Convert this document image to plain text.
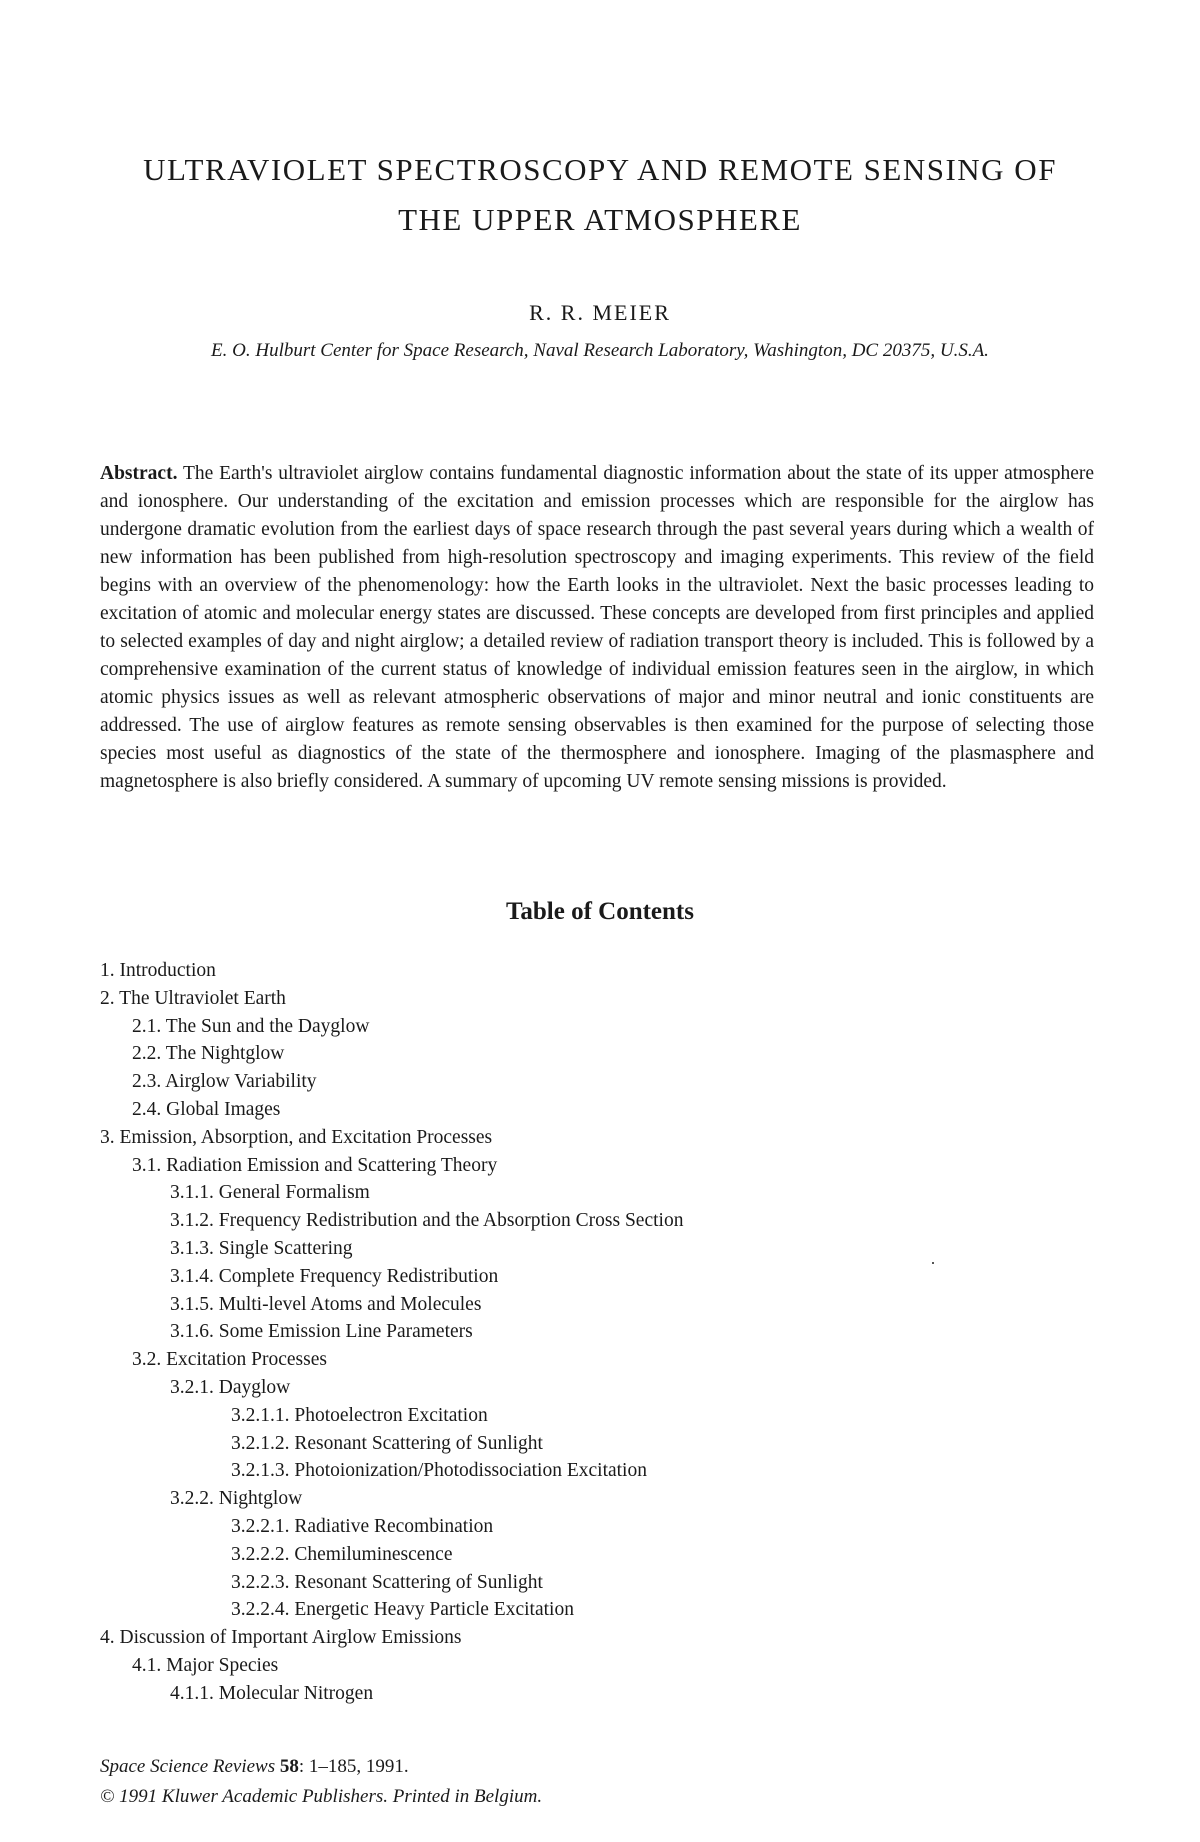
ULTRAVIOLET SPECTROSCOPY AND REMOTE SENSING OF
THE UPPER ATMOSPHERE
R. R. MEIER
E. O. Hulburt Center for Space Research, Naval Research Laboratory, Washington, DC 20375, U.S.A.
Abstract. The Earth's ultraviolet airglow contains fundamental diagnostic information about the state of its upper atmosphere and ionosphere. Our understanding of the excitation and emission processes which are responsible for the airglow has undergone dramatic evolution from the earliest days of space research through the past several years during which a wealth of new information has been published from high-resolution spectroscopy and imaging experiments. This review of the field begins with an overview of the phenomenology: how the Earth looks in the ultraviolet. Next the basic processes leading to excitation of atomic and molecular energy states are discussed. These concepts are developed from first principles and applied to selected examples of day and night airglow; a detailed review of radiation transport theory is included. This is followed by a comprehensive examination of the current status of knowledge of individual emission features seen in the airglow, in which atomic physics issues as well as relevant atmospheric observations of major and minor neutral and ionic constituents are addressed. The use of airglow features as remote sensing observables is then examined for the purpose of selecting those species most useful as diagnostics of the state of the thermosphere and ionosphere. Imaging of the plasmasphere and magnetosphere is also briefly considered. A summary of upcoming UV remote sensing missions is provided.
Table of Contents
1. Introduction
2. The Ultraviolet Earth
2.1. The Sun and the Dayglow
2.2. The Nightglow
2.3. Airglow Variability
2.4. Global Images
3. Emission, Absorption, and Excitation Processes
3.1. Radiation Emission and Scattering Theory
3.1.1. General Formalism
3.1.2. Frequency Redistribution and the Absorption Cross Section
3.1.3. Single Scattering
3.1.4. Complete Frequency Redistribution
3.1.5. Multi-level Atoms and Molecules
3.1.6. Some Emission Line Parameters
3.2. Excitation Processes
3.2.1. Dayglow
3.2.1.1. Photoelectron Excitation
3.2.1.2. Resonant Scattering of Sunlight
3.2.1.3. Photoionization/Photodissociation Excitation
3.2.2. Nightglow
3.2.2.1. Radiative Recombination
3.2.2.2. Chemiluminescence
3.2.2.3. Resonant Scattering of Sunlight
3.2.2.4. Energetic Heavy Particle Excitation
4. Discussion of Important Airglow Emissions
4.1. Major Species
4.1.1. Molecular Nitrogen
Space Science Reviews 58: 1–185, 1991.
© 1991 Kluwer Academic Publishers. Printed in Belgium.
